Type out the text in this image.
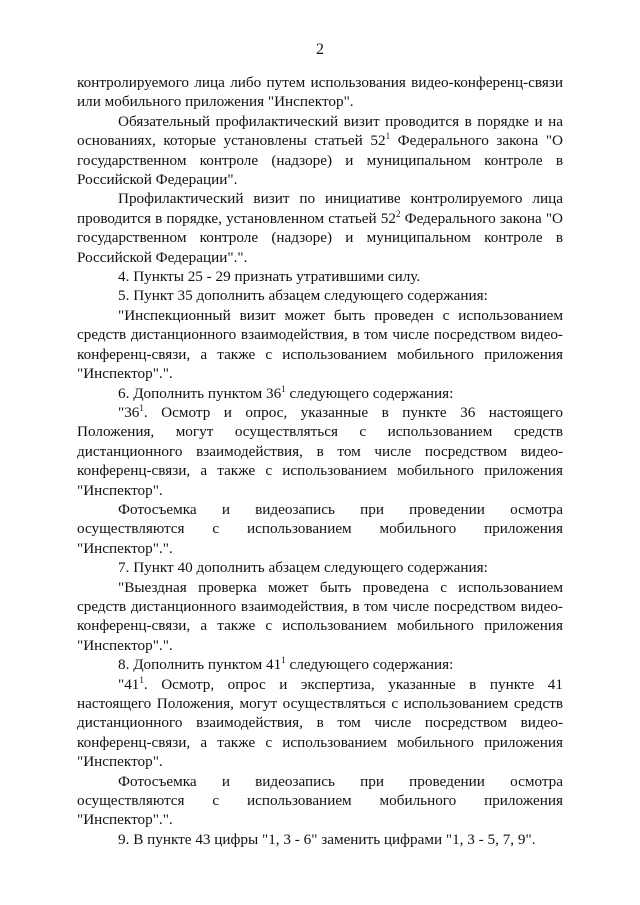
2

контролируемого лица либо путем использования видео-конференц-связи или мобильного приложения "Инспектор".

Обязательный профилактический визит проводится в порядке и на основаниях, которые установлены статьей $52^1$ Федерального закона "О государственном контроле (надзоре) и муниципальном контроле в Российской Федерации".

Профилактический визит по инициативе контролируемого лица проводится в порядке, установленном статьей $52^2$ Федерального закона "О государственном контроле (надзоре) и муниципальном контроле в Российской Федерации".".

4. Пункты 25 - 29 признать утратившими силу.

5. Пункт 35 дополнить абзацем следующего содержания:

"Инспекционный визит может быть проведен с использованием средств дистанционного взаимодействия, в том числе посредством видео-конференц-связи, а также с использованием мобильного приложения "Инспектор".".

6. Дополнить пунктом $36^1$ следующего содержания:

"$36^1$. Осмотр и опрос, указанные в пункте 36 настоящего Положения, могут осуществляться с использованием средств дистанционного взаимодействия, в том числе посредством видео-конференц-связи, а также с использованием мобильного приложения "Инспектор".

Фотосъемка и видеозапись при проведении осмотра осуществляются с использованием мобильного приложения "Инспектор".".

7. Пункт 40 дополнить абзацем следующего содержания:

"Выездная проверка может быть проведена с использованием средств дистанционного взаимодействия, в том числе посредством видео-конференц-связи, а также с использованием мобильного приложения "Инспектор".".

8. Дополнить пунктом $41^1$ следующего содержания:

"$41^1$. Осмотр, опрос и экспертиза, указанные в пункте 41 настоящего Положения, могут осуществляться с использованием средств дистанционного взаимодействия, в том числе посредством видео-конференц-связи, а также с использованием мобильного приложения "Инспектор".

Фотосъемка и видеозапись при проведении осмотра осуществляются с использованием мобильного приложения "Инспектор".".

9. В пункте 43 цифры "1, 3 - 6" заменить цифрами "1, 3 - 5, 7, 9".
